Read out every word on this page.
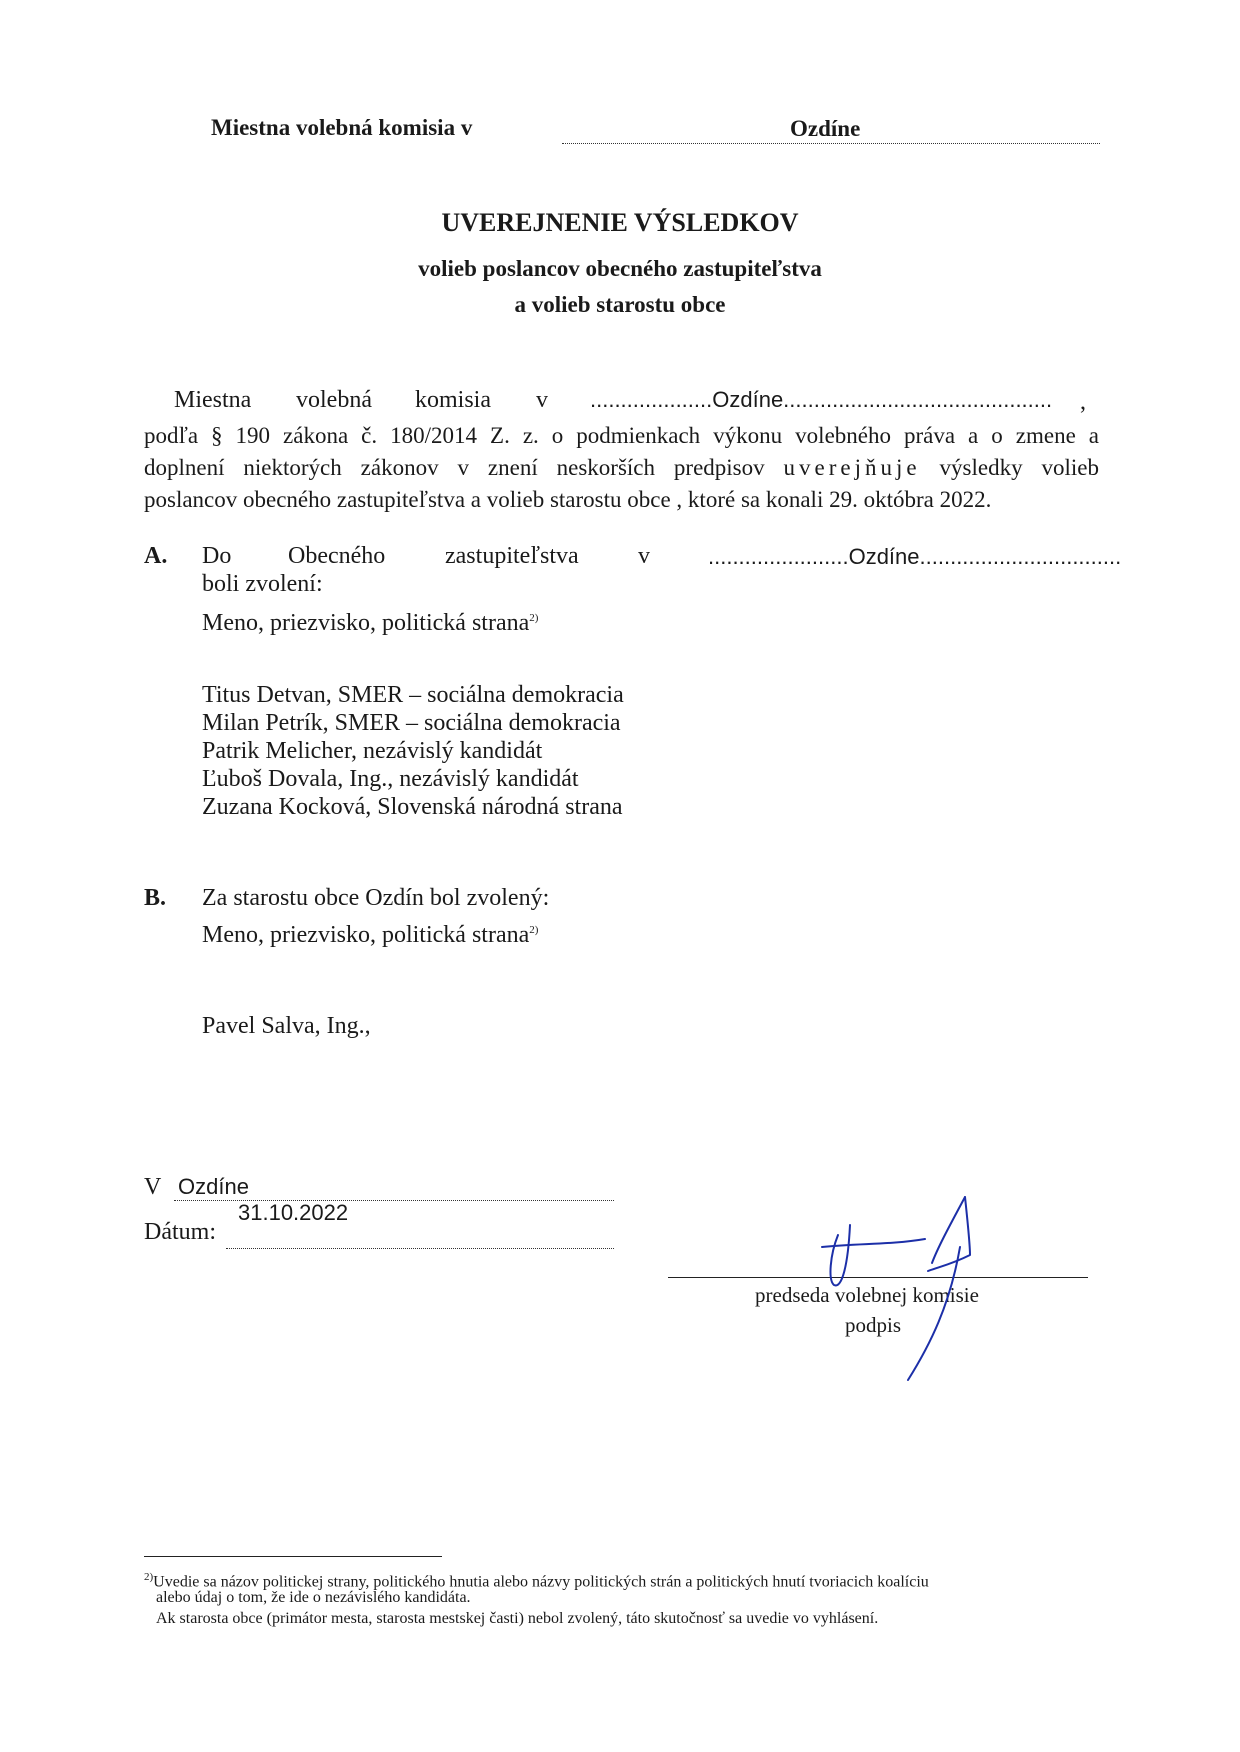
Miestna volebná komisia v	Ozdíne
UVEREJNENIE VÝSLEDKOV
volieb poslancov obecného zastupiteľstva
a volieb starostu obce
Miestna volebná komisia v ....................Ozdíne............................................ ,
podľa § 190 zákona č. 180/2014 Z. z. o podmienkach výkonu volebného práva a o zmene a
doplnení niektorých zákonov v znení neskorších predpisov uverejňuje výsledky volieb
poslancov obecného zastupiteľstva a volieb starostu obce , ktoré sa konali 29. októbra 2022.
A. Do Obecného zastupiteľstva v	.......................Ozdíne.................................
boli zvolení:
Meno, priezvisko, politická strana$^{2)}$
Titus Detvan, SMER – sociálna demokracia
Milan Petrík, SMER – sociálna demokracia
Patrik Melicher, nezávislý kandidát
Ľuboš Dovala, Ing., nezávislý kandidát
Zuzana Kocková, Slovenská národná strana
B. Za starostu obce Ozdín bol zvolený:
Meno, priezvisko, politická strana$^{2)}$
Pavel Salva, Ing.,
V Ozdíne
31.10.2022
Dátum:
predseda volebnej komisie
podpis
$^{2)}$Uvedie sa názov politickej strany, politického hnutia alebo názvy politických strán a politických hnutí tvoriacich koalíciu
alebo údaj o tom, že ide o nezávislého kandidáta.
Ak starosta obce (primátor mesta, starosta mestskej časti) nebol zvolený, táto skutočnosť sa uvedie vo vyhlásení.
